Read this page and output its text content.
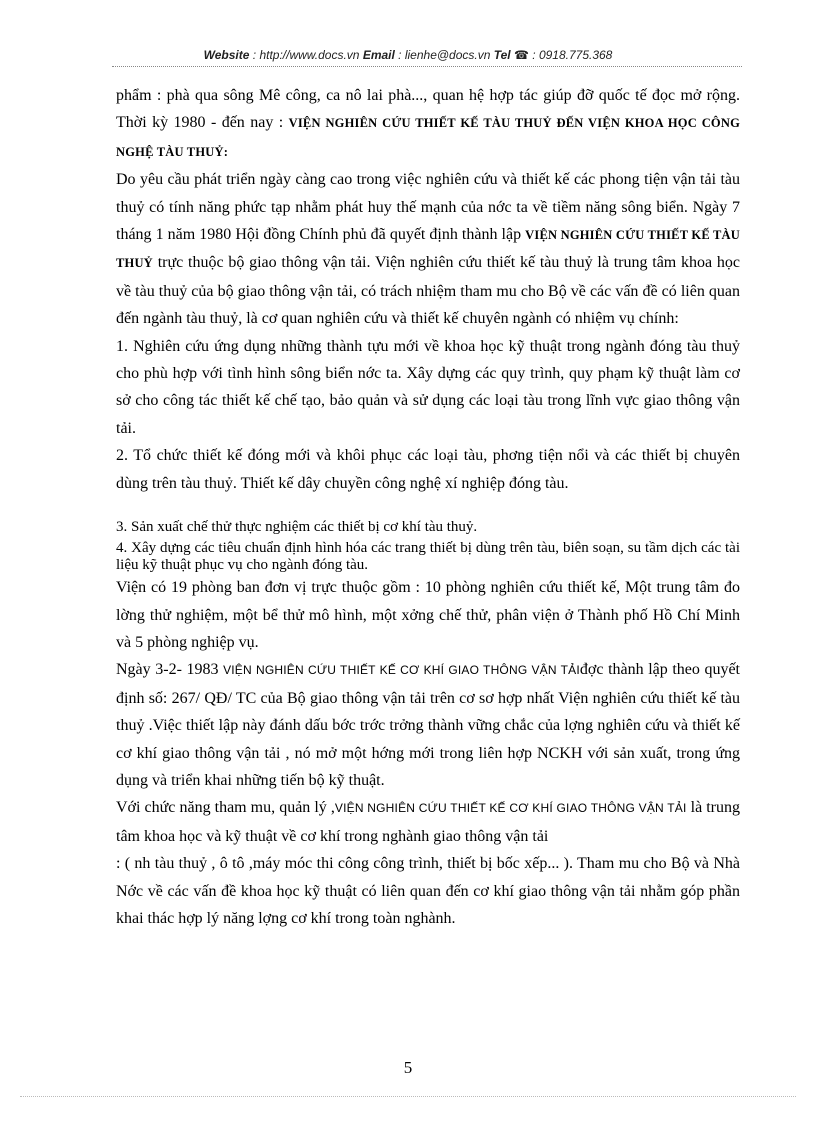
Website : http://www.docs.vn Email : lienhe@docs.vn Tel ☎ : 0918.775.368

phẩm : phà qua sông Mê công, ca nô lai phà..., quan hệ hợp tác giúp đỡ quốc tế đọc mở rộng. Thời kỳ 1980 - đến nay : VIỆN NGHIÊN CỨU THIẾT KẾ TÀU THUỶ ĐẾN VIỆN KHOA HỌC CÔNG NGHỆ TÀU THUỶ:

Do yêu cầu phát triển ngày càng cao trong việc nghiên cứu và thiết kế các phong tiện vận tải tàu thuỷ có tính năng phức tạp nhằm phát huy thế mạnh của nớc ta về tiềm năng sông biển. Ngày 7 tháng 1 năm 1980 Hội đồng Chính phủ đã quyết định thành lập VIỆN NGHIÊN CỨU THIẾT KẾ TÀU THUỶ trực thuộc bộ giao thông vận tải. Viện nghiên cứu thiết kế tàu thuỷ là trung tâm khoa học về tàu thuỷ của bộ giao thông vận tải, có trách nhiệm tham mu cho Bộ về các vấn đề có liên quan đến ngành tàu thuỷ, là cơ quan nghiên cứu và thiết kế chuyên ngành có nhiệm vụ chính:

1. Nghiên cứu ứng dụng những thành tựu mới về khoa học kỹ thuật trong ngành đóng tàu thuỷ cho phù hợp với tình hình sông biển nớc ta. Xây dựng các quy trình, quy phạm kỹ thuật làm cơ sở cho công tác thiết kế chế tạo, bảo quản và sử dụng các loại tàu trong lĩnh vực giao thông vận tải.

2. Tổ chức thiết kế đóng mới và khôi phục các loại tàu, phơng tiện nổi và các thiết bị chuyên dùng trên tàu thuỷ. Thiết kế dây chuyền công nghệ xí nghiệp đóng tàu.

3. Sản xuất chế thử thực nghiệm các thiết bị cơ khí tàu thuỷ.

4. Xây dựng các tiêu chuẩn định hình hóa các trang thiết bị dùng trên tàu, biên soạn, su tầm dịch các tài liệu kỹ thuật phục vụ cho ngành đóng tàu.

Viện có 19 phòng ban đơn vị trực thuộc gồm : 10 phòng nghiên cứu thiết kế, Một trung tâm đo lờng thử nghiệm, một bể thử mô hình, một xởng chế thử, phân viện ở Thành phố Hồ Chí Minh và 5 phòng nghiệp vụ.

Ngày 3-2- 1983 VIỆN NGHIÊN CỨU THIẾT KẾ CƠ KHÍ GIAO THÔNG VẬN TẢIđợc thành lập theo quyết định số: 267/ QĐ/ TC của Bộ giao thông vận tải trên cơ sơ hợp nhất Viện nghiên cứu thiết kế tàu thuỷ .Việc thiết lập này đánh dấu bớc trớc trởng thành vững chắc của lợng nghiên cứu và thiết kế cơ khí giao thông vận tải , nó mở một hớng mới trong liên hợp NCKH với sản xuất, trong ứng dụng và triển khai những tiến bộ kỹ thuật.

Với chức năng tham mu, quản lý ,VIỆN NGHIÊN CỨU THIẾT KẾ CƠ KHÍ GIAO THÔNG VẬN TẢI là trung tâm khoa học và kỹ thuật về cơ khí trong nghành giao thông vận tải

: ( nh tàu thuỷ , ô tô ,máy móc thi công công trình, thiết bị bốc xếp... ). Tham mu cho Bộ và Nhà Nớc về các vấn đề khoa học kỹ thuật có liên quan đến cơ khí giao thông vận tải nhằm góp phần khai thác hợp lý năng lợng cơ khí trong toàn nghành.

5
